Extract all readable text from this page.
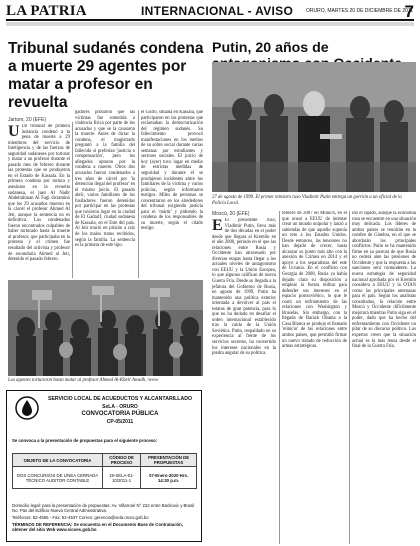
LA PATRIA	INTERNACIONAL - AVISO	ORURO, MARTES 20 DE DICIEMBRE DE 2011
7
Tribunal sudanés condena a muerte 29 agentes por matar a profesor en revuelta
Jartum, 20 (EFE)
U Un tribunal de primera instancia condenó a la pena de muerte a 29 miembros del servicio de Inteligencia y de las fuerzas de seguridad sudaneses por torturar y matar a un profesor durante el pasado mes de febrero durante las protestas que se produjeron en el Estado de Kassala. En la primera condena por tortura y asesinato en la revuelta sudanesa, el juez Al Nadir Abdelrahman Al Fagi dictaminó que los 29 acusados mueron en la cárcel el profesor Ahmed Al Jeir, aunque la sentencia no es definitiva. Los condenados fueron encontrados culpables de haber torturado hasta la muerte al profesor, que participaba en la protesta y el crimen fue resultado del activista y profesor de secundaria Ahmed al Jeir, detenido el pasado febrero.
gadores probaron que las víctimas fue sometida a violencia física por parte de los acusados y que se la causaron la muerte. Antes de dictar la condena, el magistrado preguntó a la familia del fallecido si preferían 'justicia o compensación', pero los allegados optaron por la condena a muerte. Otros dos acusados fueron condenados a tres años de cárcel por 'la detención ilegal del profesor' en el mismo juicio. El pasado abril, varios familiares de los fusiladores fueron detenidos por participar en las protestas que tuvieron lugar en la ciudad de El Gadarif, ciudad sudanesa de Kassala, en el Este del país. Al Jeir murió en prisión a raíz de los malos tratos recibidos, según la familia. La sentencia es la primera de este tipo.
el Golfo, situada en Kassala, que participaron en las protestas que reclamaban la democratización del régimen sudanés. Su fallecimiento provocó manifestaciones en los medios de su sobre social durante varias semanas por estudiantes y sectores sociales. El juicio de hoy (ayer) tuvo lugar en medio de estrictas medidas de seguridad y durante él se produjeron incidentes entre los familiares de la víctima y varios policías, según informaron testigos. Miles de personas se concentraron en los alrededores del tribunal exigiendo justicia para el 'mártir' y pidiendo la condena de los responsables de su muerte, según el citado testigo.
Los agentes torturaron hasta matar al profesor Ahmed Al-Kheir Awadh. /www
Putin, 20 años de
27 de agosto de 1999. El primer ministro ruso Vladimir Putin entrega un gorrión a un oficial de la Policía Local.
Moscú, 20 (EFE)
E El presidente ruso, Vladimir Putin, lleva más de dos décadas en el poder desde que llegara al Kremlin en el año 2000, periodo en el que las relaciones entre Rusia y Occidente han atravesado por diversas etapas hasta llegar a los actuales niveles de antagonismo con EEUU y la Unión Europea, lo que algunos califican de nueva Guerra Fría. Desde su llegada a la jefatura del Gobierno de Rusia, en agosto de 1999, Putin ha mantenido una política exterior orientada a devolver al país el estatus de gran potencia, para lo que no ha dudado en desafiar el orden internacional establecido tras la caída de la Unión Soviética. Putin, respaldado en su experiencia al frente de los servicios secretos, ha convertido los intereses nacionales en la piedra angular de su política.
febrero de 2007 en Múnich, en el que acusó a EEUU de intentar crear un mundo unipolar y lanzó a sabiendas de que aquello suponía un reto a los Estados Unidos. Desde entonces, las tensiones no han dejado de crecer, hasta alcanzar su punto más alto con la anexión de Crimea en 2014 y el apoyo a los separatistas del este de Ucrania. En el conflicto con Georgia de 2008, Rusia ya había dejado clara su disposición a emplear la fuerza militar para defender sus intereses en el espacio postsoviético, lo que le costó un enfriamiento de las relaciones con Washington y Bruselas. Sin embargo, con la llegada de Barack Obama a la Casa Blanca se produjo el llamado 'reinicio' de las relaciones entre ambos países, que permitió firmar un nuevo tratado de reducción de armas estratégicas.
ido el rápido, aunque la economía rusa se encuentre en una situación muy delicada. Los líderes de ambos países se reunirán en la cumbre de Ginebra, en el que se abordarán los principales conflictos. Putin se ha mantenido firme en su postura de que Rusia no cederá ante las presiones de Occidente y que la respuesta a las sanciones será contundente. La nueva estrategia de seguridad nacional aprobada por el Kremlin considera a EEUU y la OTAN como las principales amenazas para el país. Según los analistas consultados, la relación entre Moscú y Occidente difícilmente mejorará mientras Putin siga en el poder, dado que ha hecho del enfrentamiento con Occidente un pilar de su discurso político. Los expertos creen que la situación actual es la más tensa desde el final de la Guerra Fría.
SERVICIO LOCAL DE ACUEDUCTOS Y ALCANTARILLADO
SeLA - ORURO
CONVOCATORIA PÚBLICA
CP-05/2011
Se convoca a la presentación de propuestas para el siguiente proceso:
OBJETO DE LA CONVOCATORIA	CÓDIGO DE PROCESO	PRESENTACIÓN DE PROPUESTAS
DOS CONCURSOS DE LÍNEA CERRADA TÉCNICO AUDITOR CONTABLE	19-SELA-01-10/2011-1	07-Enero-2020 Hrs. 14:30 p.m.
Domicilio legal: para la presentación de propuestas: Av. Villarroel N° 222 entre Backovic y Brasil No. Pas del Edificio Nueva Central Administrativa.
Teléfonos: 52-4565 - Fax: 52-4537 Correo: gerencia@sela.oruro.gob.bo
TÉRMINOS DE REFERENCIA: Se encuentra en el Documento Base de Contratación, obtener del sitio Web www.sicoes.gob.bo
